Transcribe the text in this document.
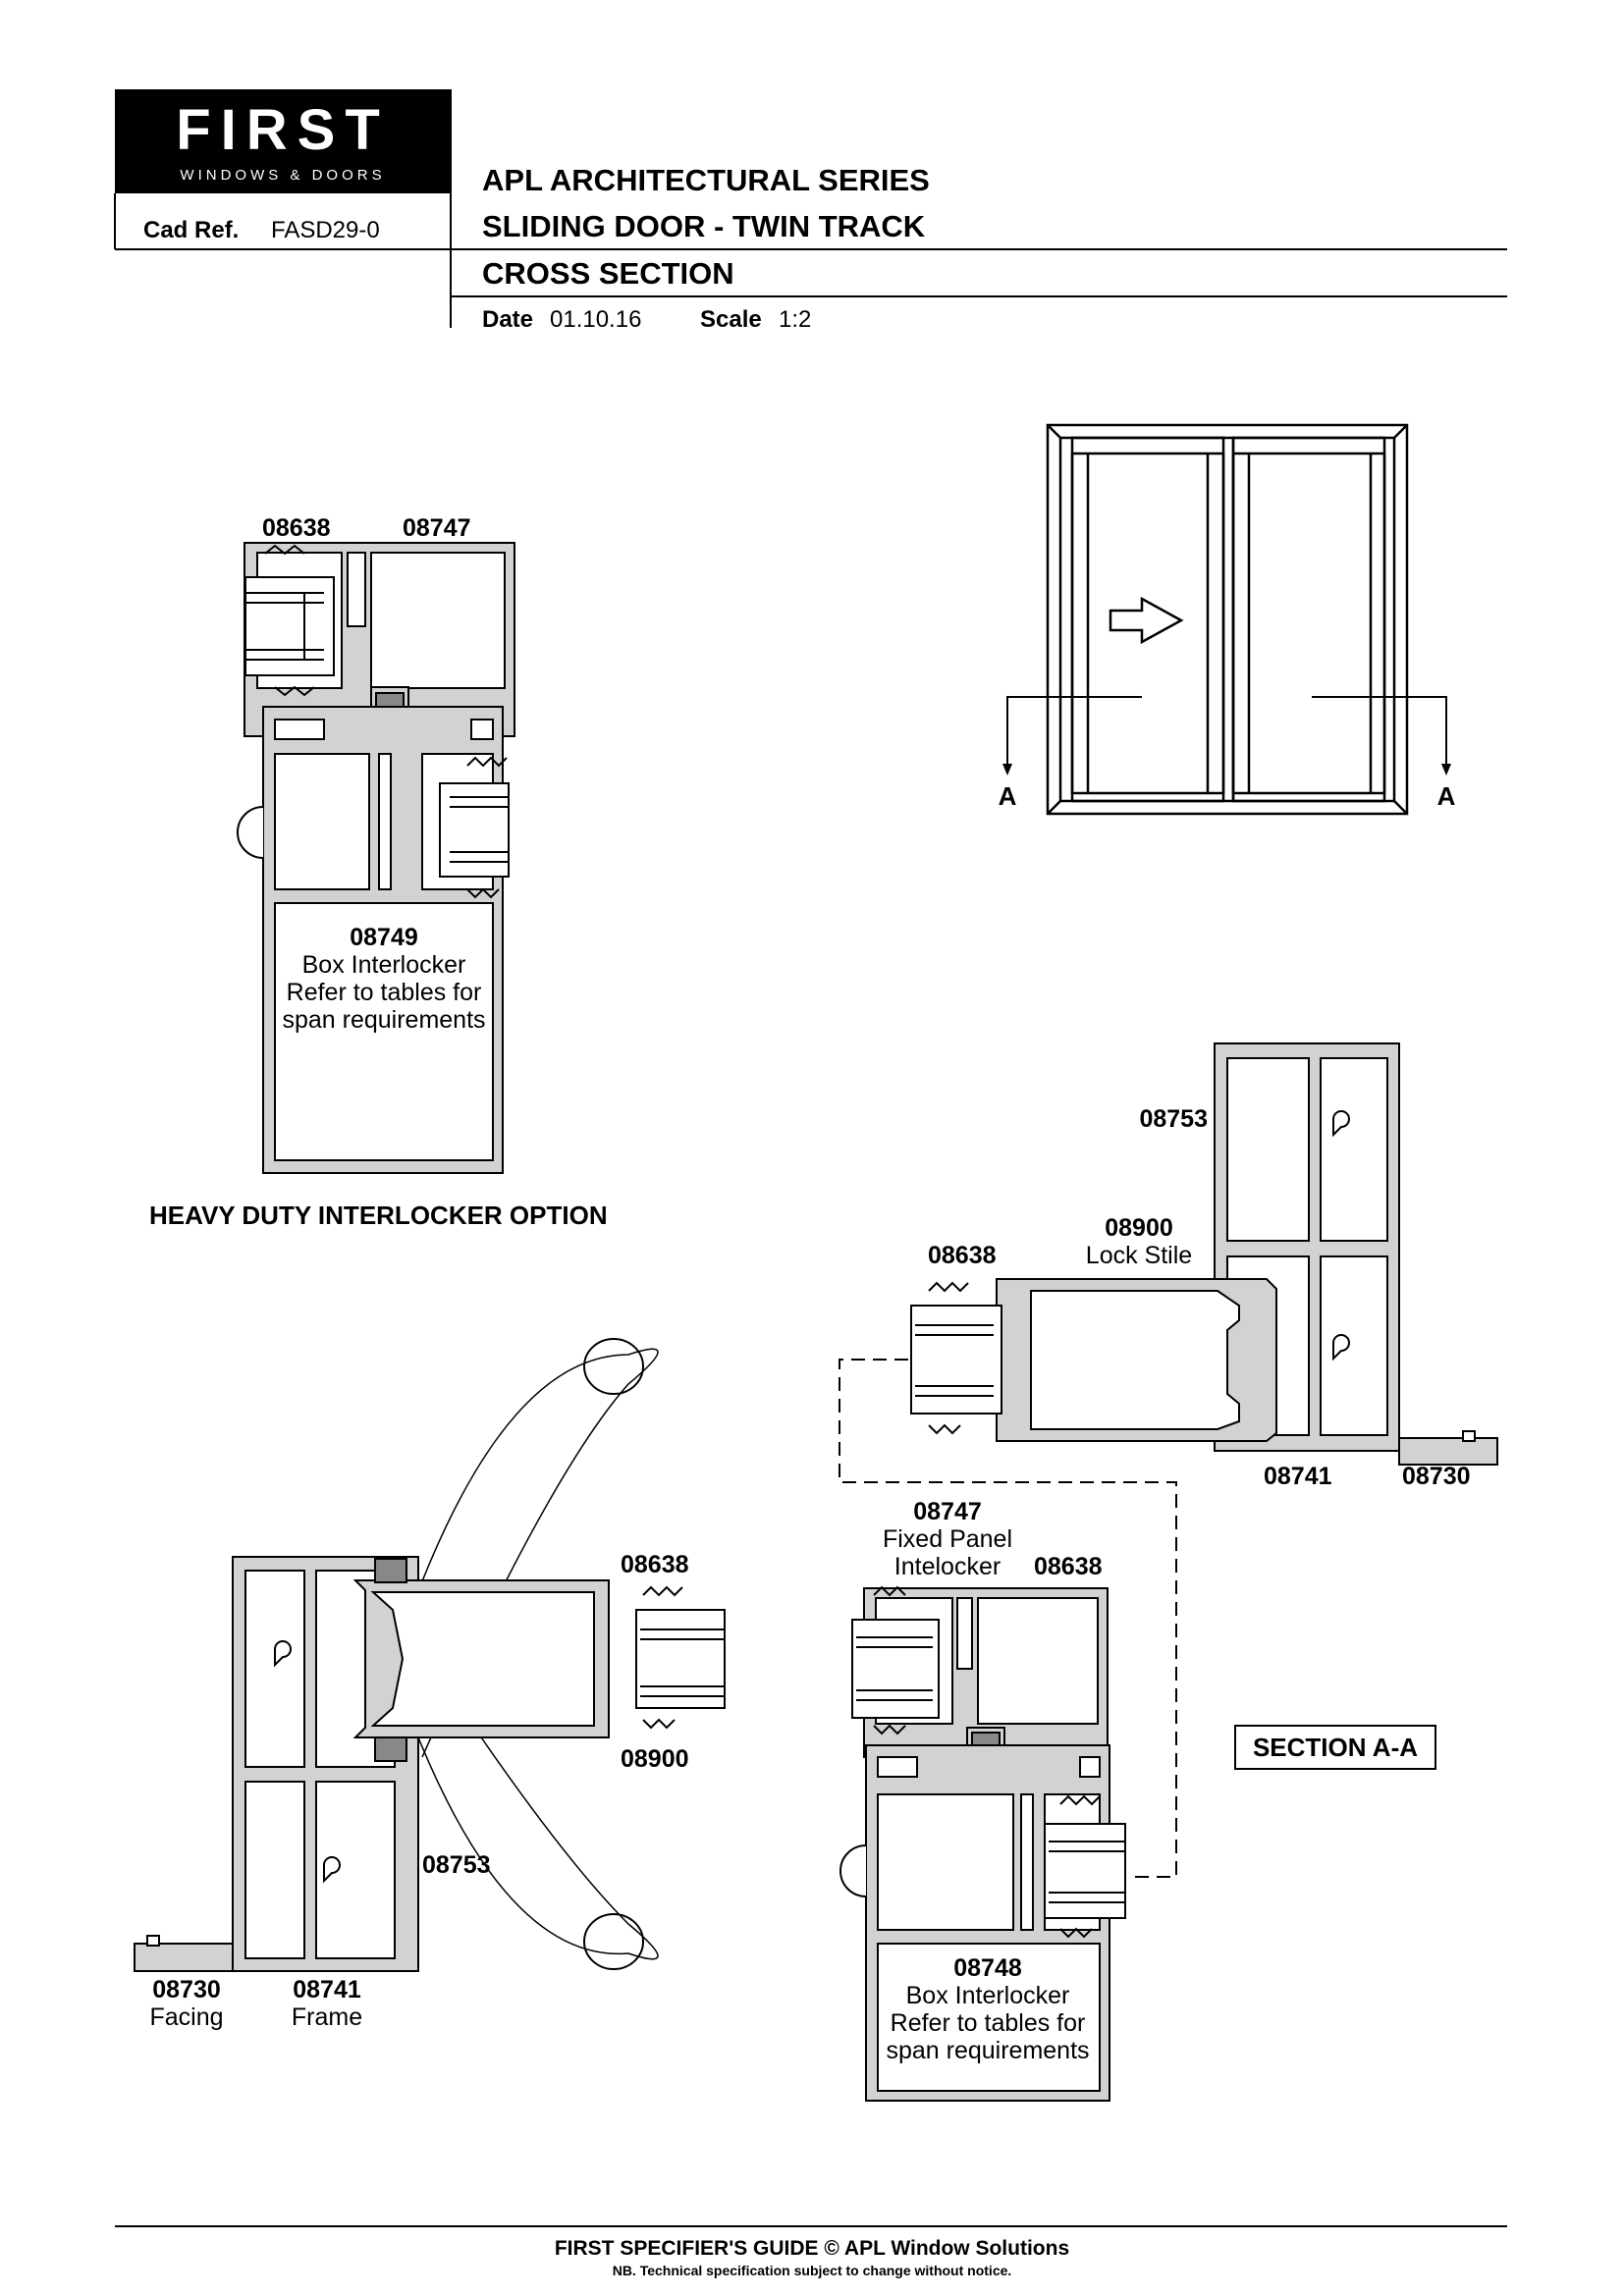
FIRST
WINDOWS & DOORS
Cad Ref. FASD29-0
APL ARCHITECTURAL SERIES
SLIDING DOOR - TWIN TRACK
CROSS SECTION
Date 01.10.16 Scale 1:2
A	A
08638	08747
08749
Box Interlocker
Refer to tables for
span requirements
HEAVY DUTY INTERLOCKER OPTION
08753
08900
Lock Stile
08638
08741	08730
08638
08900
08753
08730
Facing
08741
Frame
08747
Fixed Panel
Intelocker 08638
08748
Box Interlocker
Refer to tables for
span requirements
SECTION A-A
FIRST SPECIFIER'S GUIDE © APL Window Solutions
NB. Technical specification subject to change without notice.
